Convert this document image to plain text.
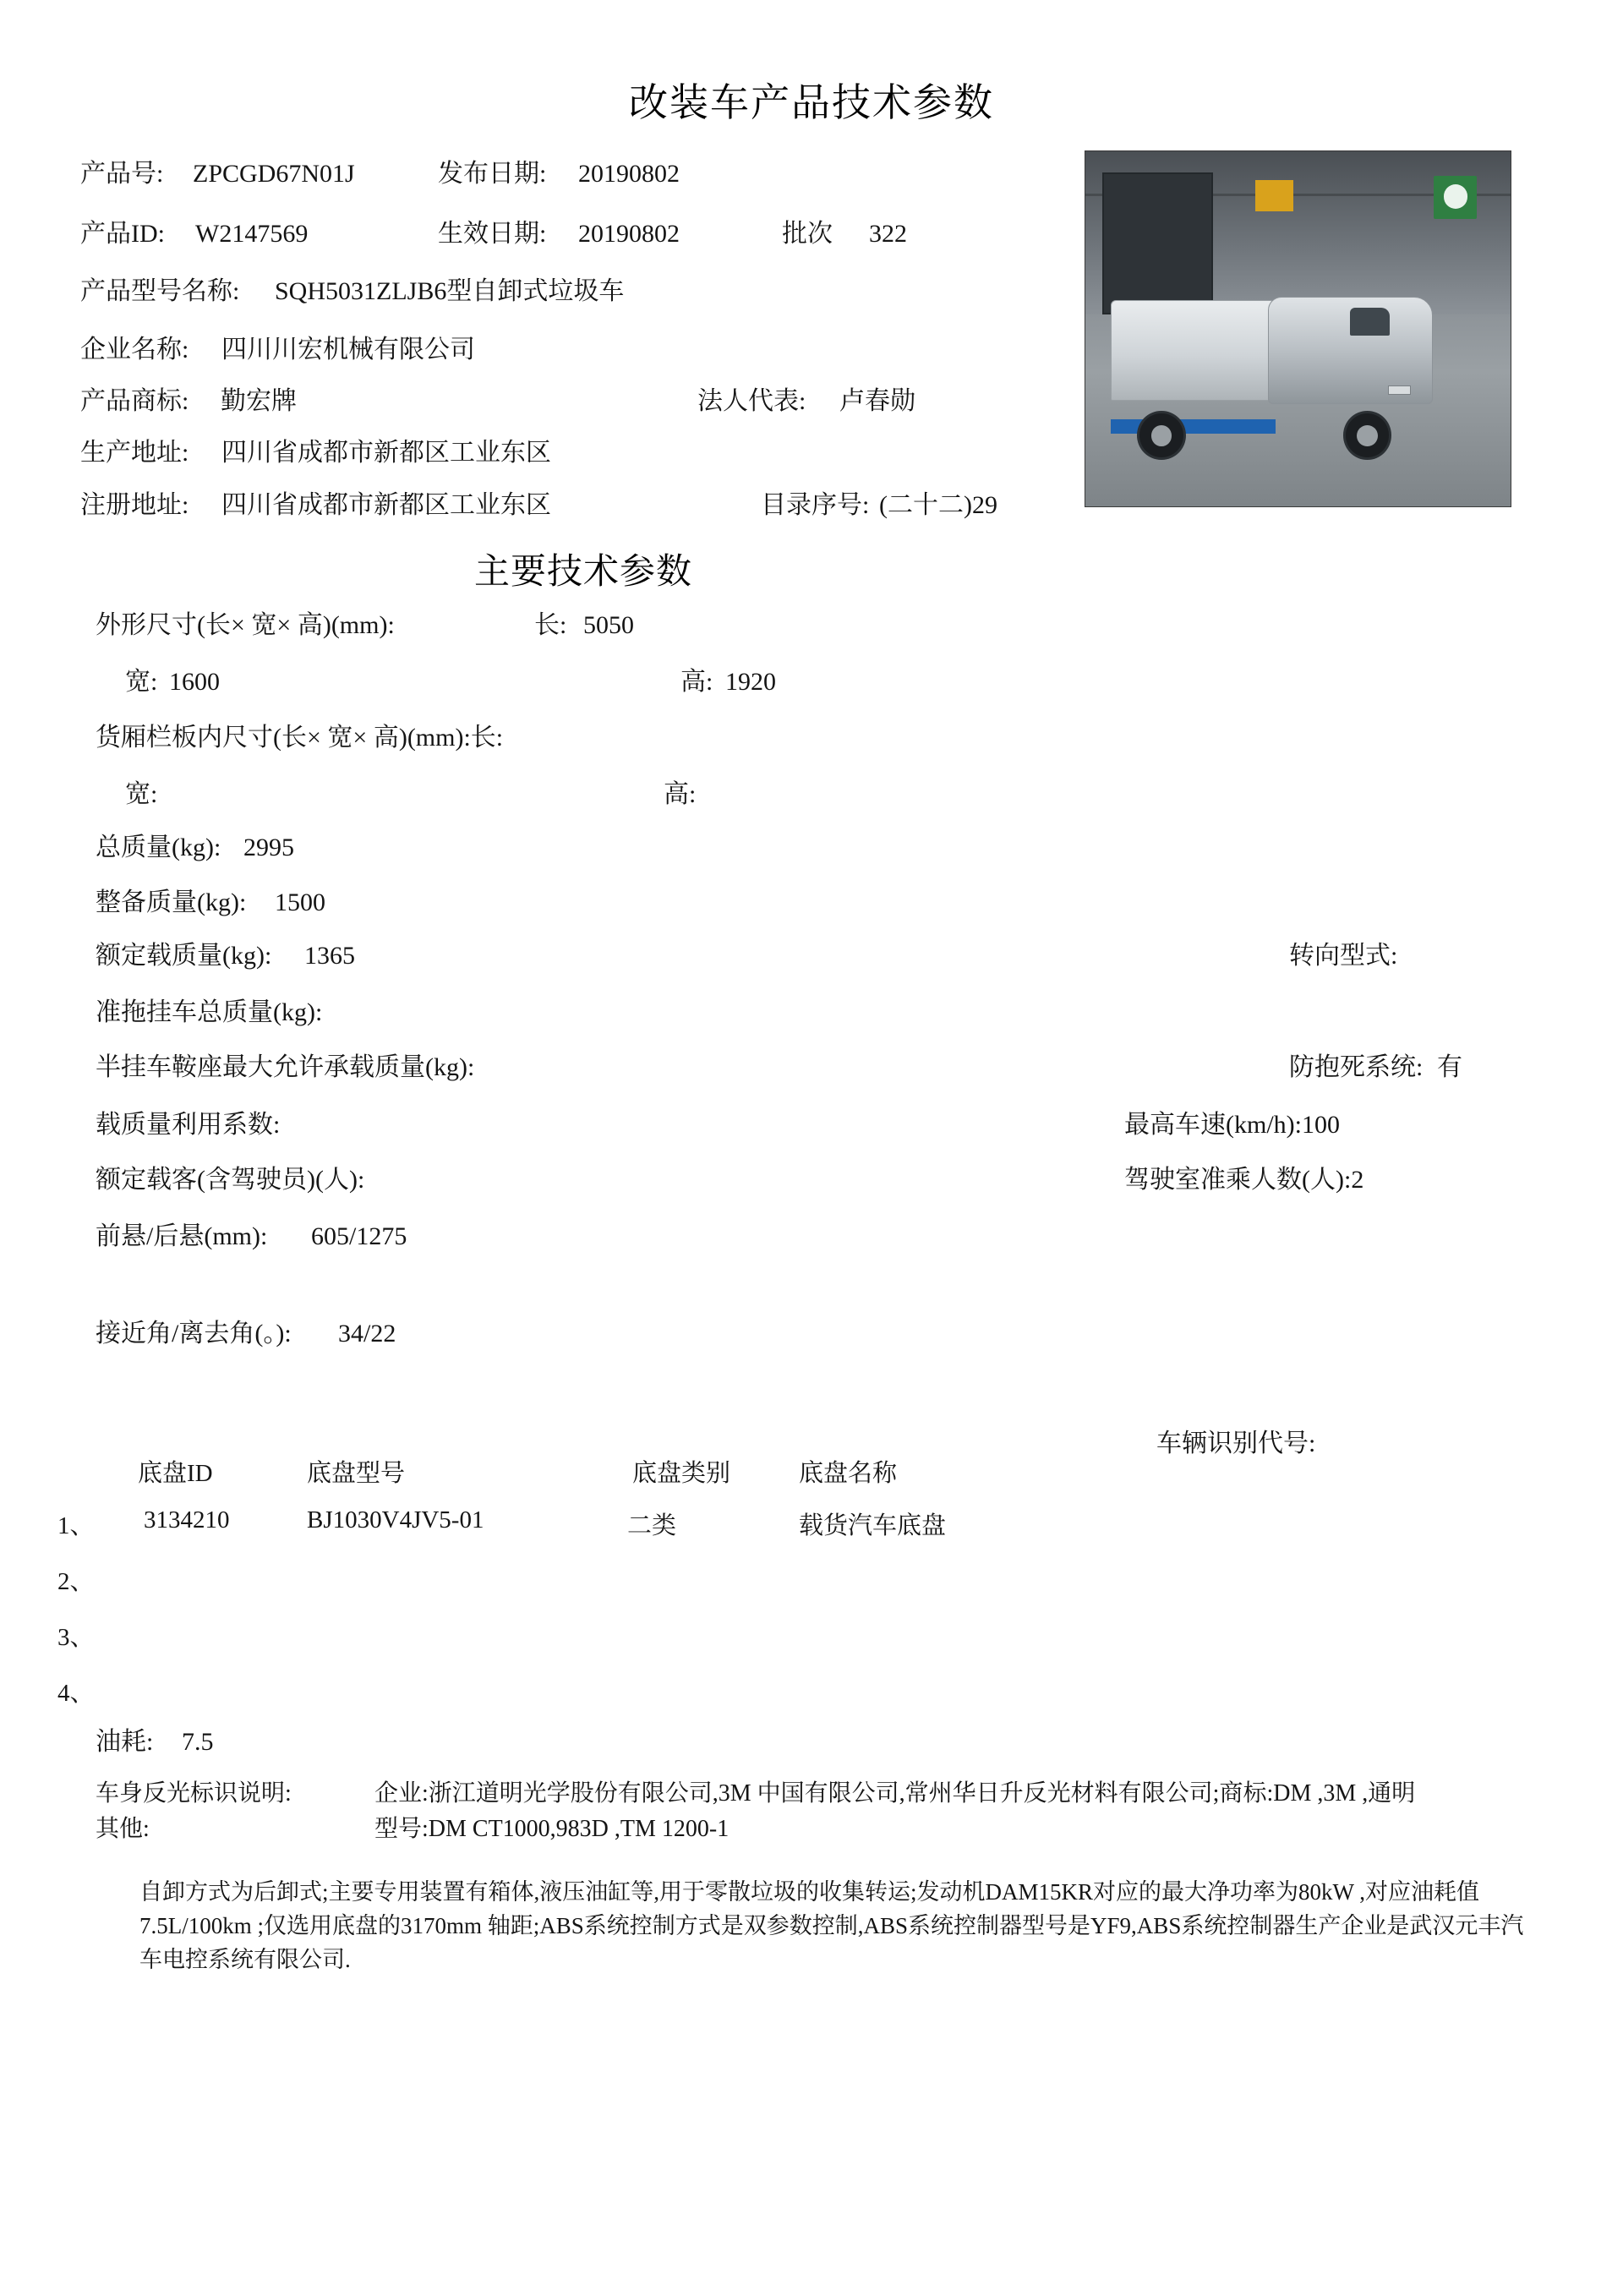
改装车产品技术参数
产品号: ZPCGD67N01J	发布日期: 20190802
产品ID: W2147569	生效日期: 20190802	批次 322
产品型号名称: SQH5031ZLJB6型自卸式垃圾车
企业名称: 四川川宏机械有限公司
产品商标: 勤宏牌	法人代表: 卢春勋
生产地址: 四川省成都市新都区工业东区
注册地址: 四川省成都市新都区工业东区	目录序号: (二十二)29
主要技术参数
外形尺寸(长× 宽× 高)(mm):	长: 5050
宽: 1600	高: 1920
货厢栏板内尺寸(长× 宽× 高)(mm):长:
宽:	高:
总质量(kg): 2995
整备质量(kg): 1500
额定载质量(kg): 1365	转向型式:
准拖挂车总质量(kg):
半挂车鞍座最大允许承载质量(kg):	防抱死系统: 有
载质量利用系数:	最高车速(km/h):100
额定载客(含驾驶员)(人):	驾驶室准乘人数(人):2
前悬/后悬(mm): 605/1275
接近角/离去角(。): 34/22
车辆识别代号:
底盘ID	底盘型号	底盘类别	底盘名称
1、 3134210	BJ1030V4JV5-01	二类	载货汽车底盘
2、
3、
4、
油耗: 7.5
车身反光标识说明:	企业:浙江道明光学股份有限公司,3M 中国有限公司,常州华日升反光材料有限公司;商标:DM ,3M ,通明
型号:DM CT1000,983D ,TM 1200-1
其他:
自卸方式为后卸式;主要专用装置有箱体,液压油缸等,用于零散垃圾的收集转运;发动机DAM15KR对应的最大净功率为80kW ,对应油耗值7.5L/100km ;仅选用底盘的3170mm 轴距;ABS系统控制方式是双参数控制,ABS系统控制器型号是YF9,ABS系统控制器生产企业是武汉元丰汽车电控系统有限公司.
